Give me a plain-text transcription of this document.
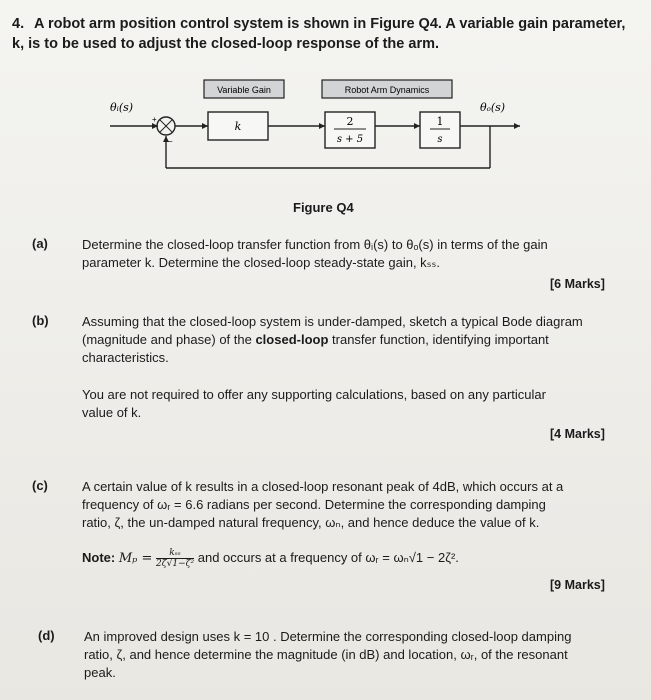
4. A robot arm position control system is shown in Figure Q4. A variable gain parameter, k, is to be used to adjust the closed-loop response of the arm.
Variable Gain	Robot Arm Dynamics
θᵢ(s)	θₒ(s)
+
−
k	2
s + 5
1
s
Figure Q4
(a)	Determine the closed-loop transfer function from θᵢ(s) to θₒ(s) in terms of the gain
parameter k. Determine the closed-loop steady-state gain, kₛₛ.
[6 Marks]
(b)	Assuming that the closed-loop system is under-damped, sketch a typical Bode diagram
(magnitude and phase) of the closed-loop transfer function, identifying important
characteristics.
You are not required to offer any supporting calculations, based on any particular
value of k.
[4 Marks]
(c)	A certain value of k results in a closed-loop resonant peak of 4dB, which occurs at a
frequency of ωᵣ = 6.6 radians per second. Determine the corresponding damping
ratio, ζ, the un-damped natural frequency, ωₙ, and hence deduce the value of k.
Note: $M_p = \frac{\text{kₛₛ}}{\text{2ζ√1−ζ²}}$ and occurs at a frequency of ωᵣ = ωₙ√1 − 2ζ².
[9 Marks]
(d) An improved design uses k = 10 . Determine the corresponding closed-loop damping
ratio, ζ, and hence determine the magnitude (in dB) and location, ωᵣ, of the resonant
peak.
